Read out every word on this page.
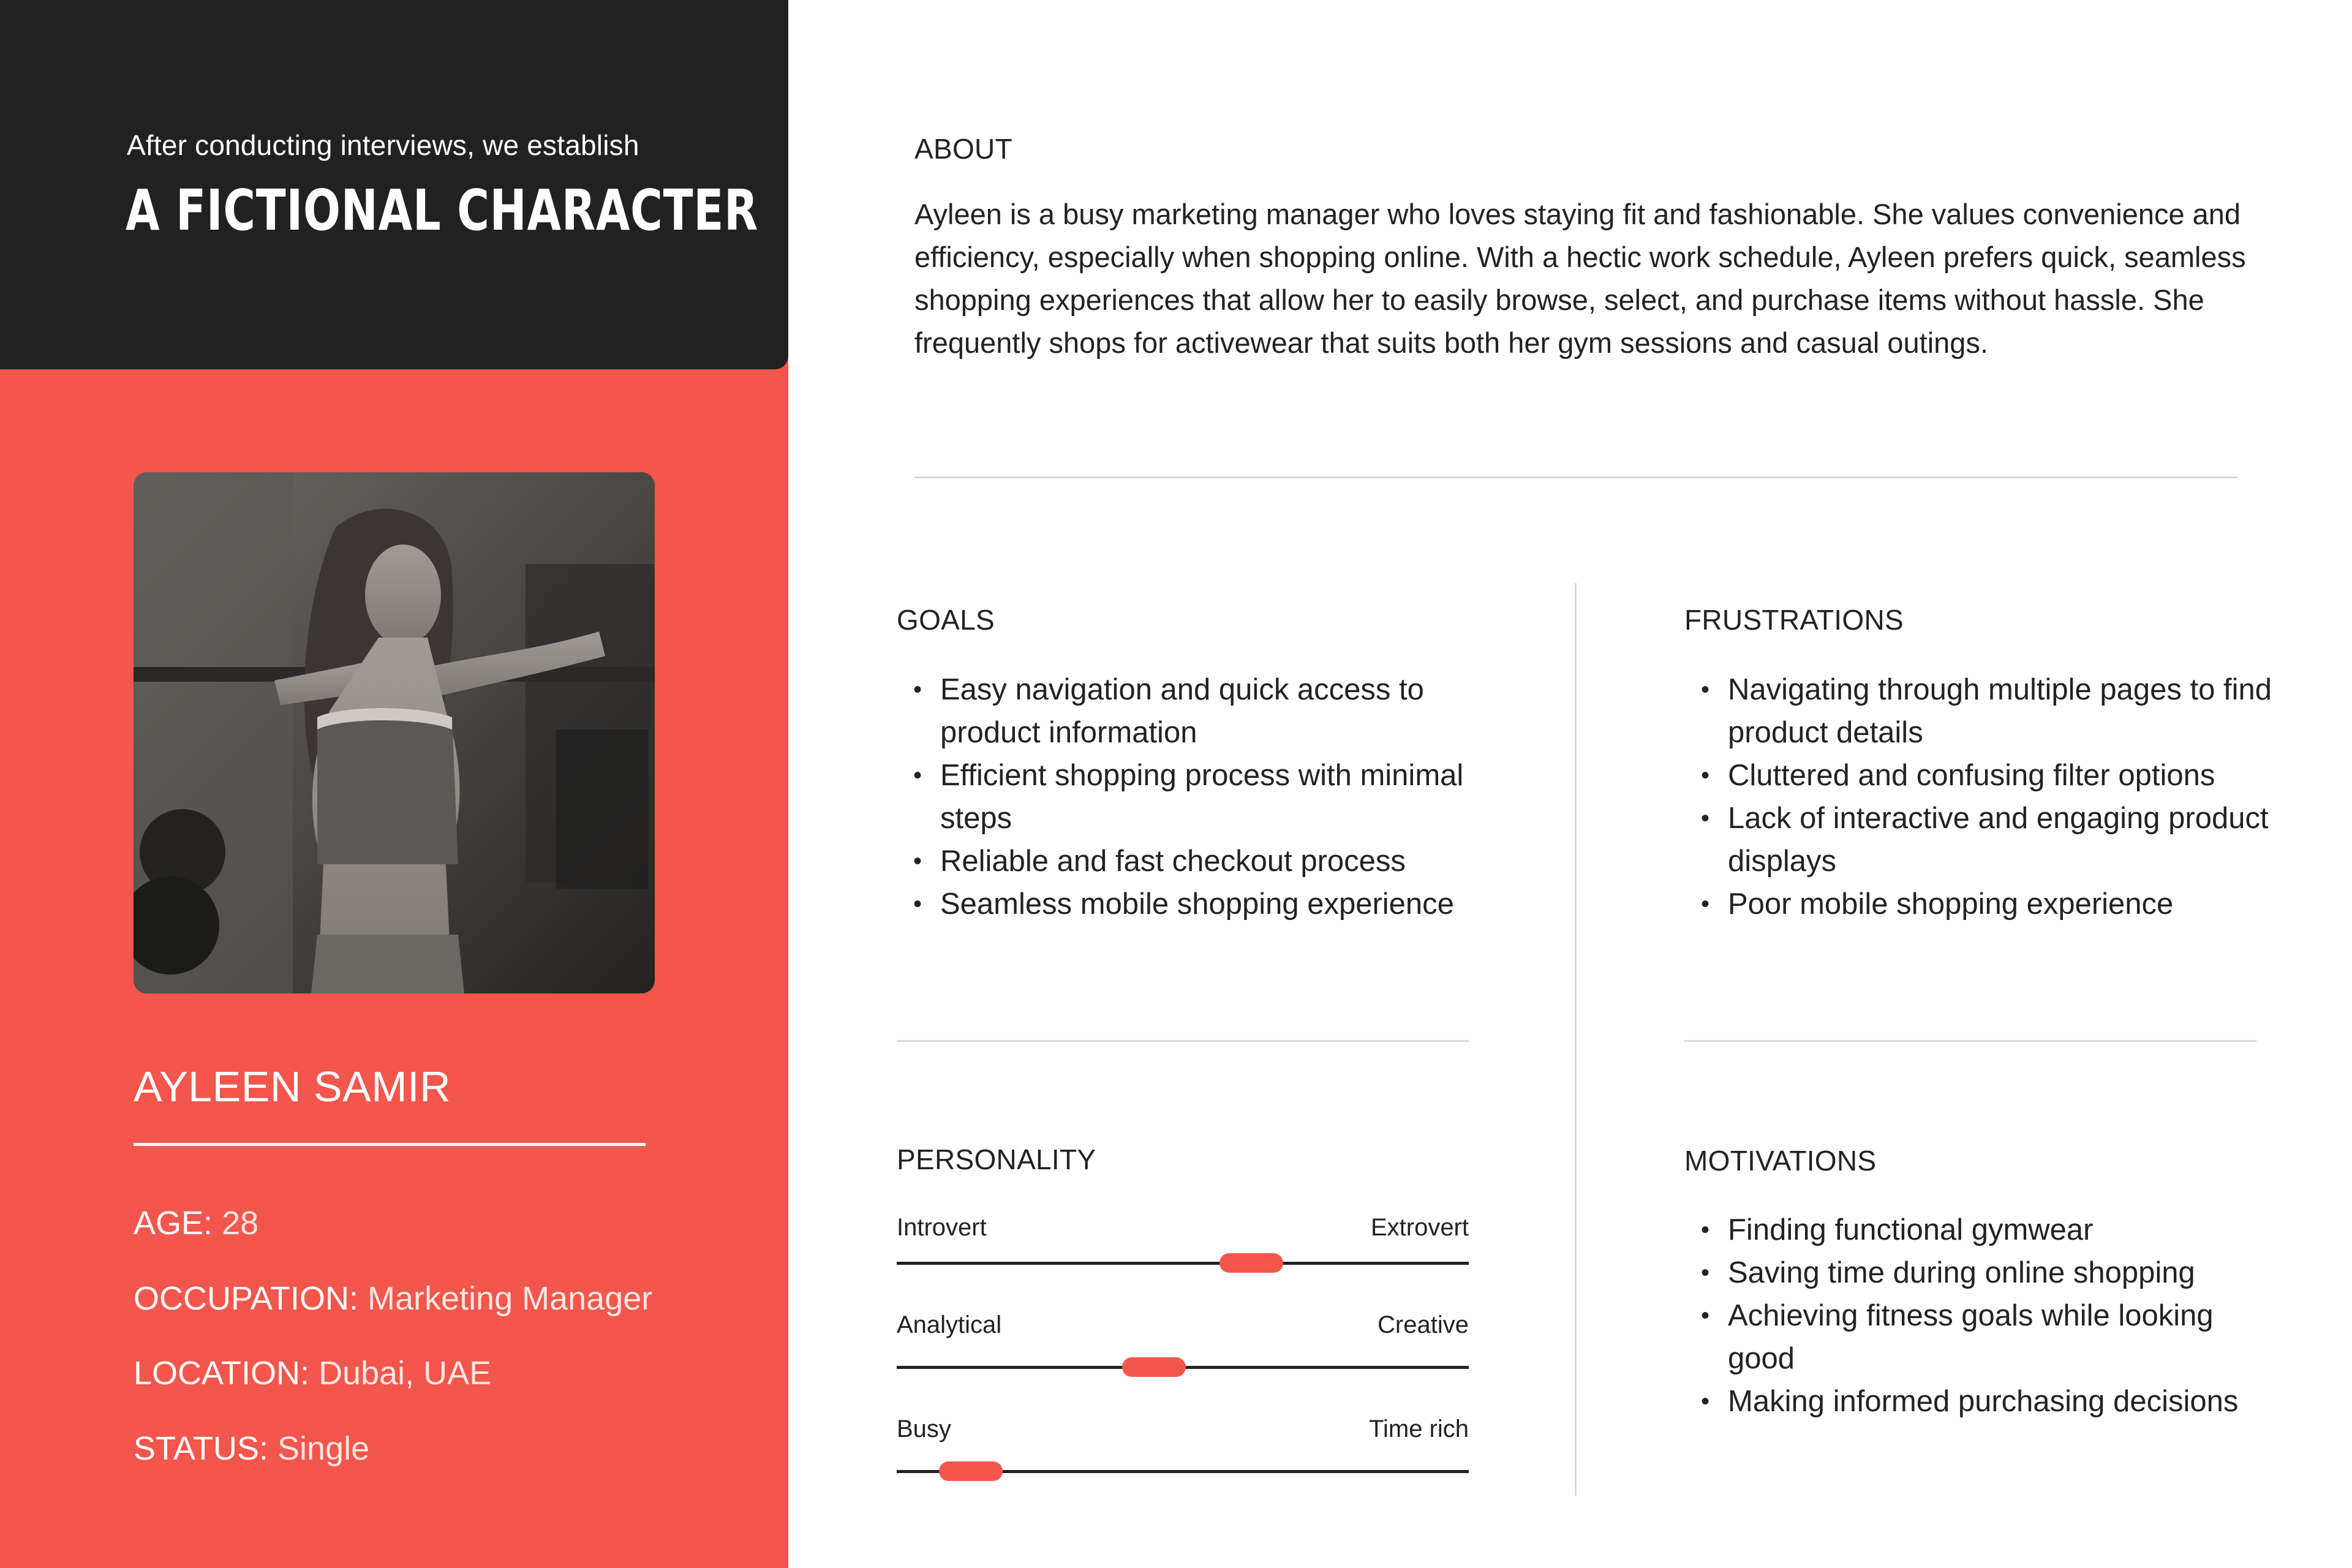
After conducting interviews, we establish
A FICTIONAL CHARACTER
AYLEEN SAMIR
AGE: 28
OCCUPATION: Marketing Manager
LOCATION: Dubai, UAE
STATUS: Single
ABOUT
Ayleen is a busy marketing manager who loves staying fit and fashionable. She values convenience and efficiency, especially when shopping online. With a hectic work schedule, Ayleen prefers quick, seamless shopping experiences that allow her to easily browse, select, and purchase items without hassle. She frequently shops for activewear that suits both her gym sessions and casual outings.
GOALS
• Easy navigation and quick access to product information
• Efficient shopping process with minimal steps
• Reliable and fast checkout process
• Seamless mobile shopping experience
FRUSTRATIONS
• Navigating through multiple pages to find product details
• Cluttered and confusing filter options
• Lack of interactive and engaging product displays
• Poor mobile shopping experience
PERSONALITY
Introvert	Extrovert
Analytical	Creative
Busy	Time rich
MOTIVATIONS
• Finding functional gymwear
• Saving time during online shopping
• Achieving fitness goals while looking good
• Making informed purchasing decisions
